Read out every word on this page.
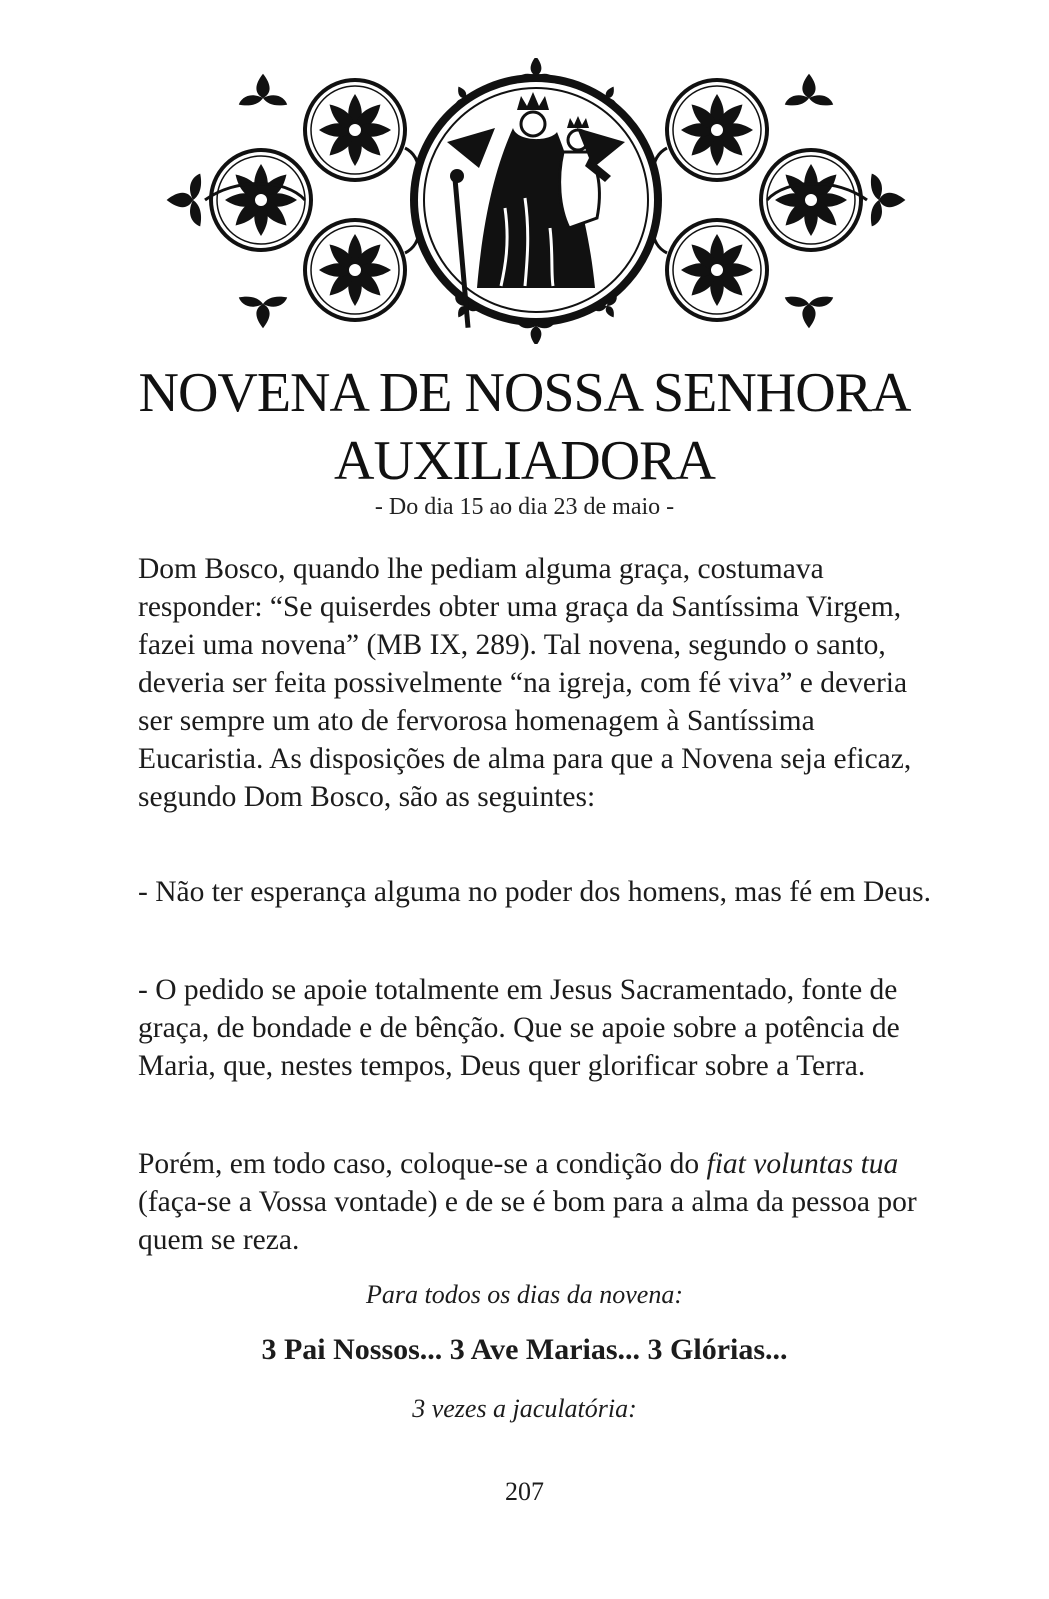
NOVENA DE NOSSA SENHORA
AUXILIADORA
- Do dia 15 ao dia 23 de maio -

Dom Bosco, quando lhe pediam alguma graça, costumava responder: “Se quiserdes obter uma graça da Santíssima Virgem, fazei uma novena” (MB IX, 289). Tal novena, segundo o santo, deveria ser feita possivelmente “na igreja, com fé viva” e deveria ser sempre um ato de fervorosa homenagem à Santíssima Eucaristia. As disposições de alma para que a Novena seja eficaz, segundo Dom Bosco, são as seguintes:

- Não ter esperança alguma no poder dos homens, mas fé em Deus.

- O pedido se apoie totalmente em Jesus Sacramentado, fonte de graça, de bondade e de bênção. Que se apoie sobre a potência de Maria, que, nestes tempos, Deus quer glorificar sobre a Terra.

Porém, em todo caso, coloque-se a condição do fiat voluntas tua (faça-se a Vossa vontade) e de se é bom para a alma da pessoa por quem se reza.

Para todos os dias da novena:
3 Pai Nossos... 3 Ave Marias... 3 Glórias...
3 vezes a jaculatória:
207
